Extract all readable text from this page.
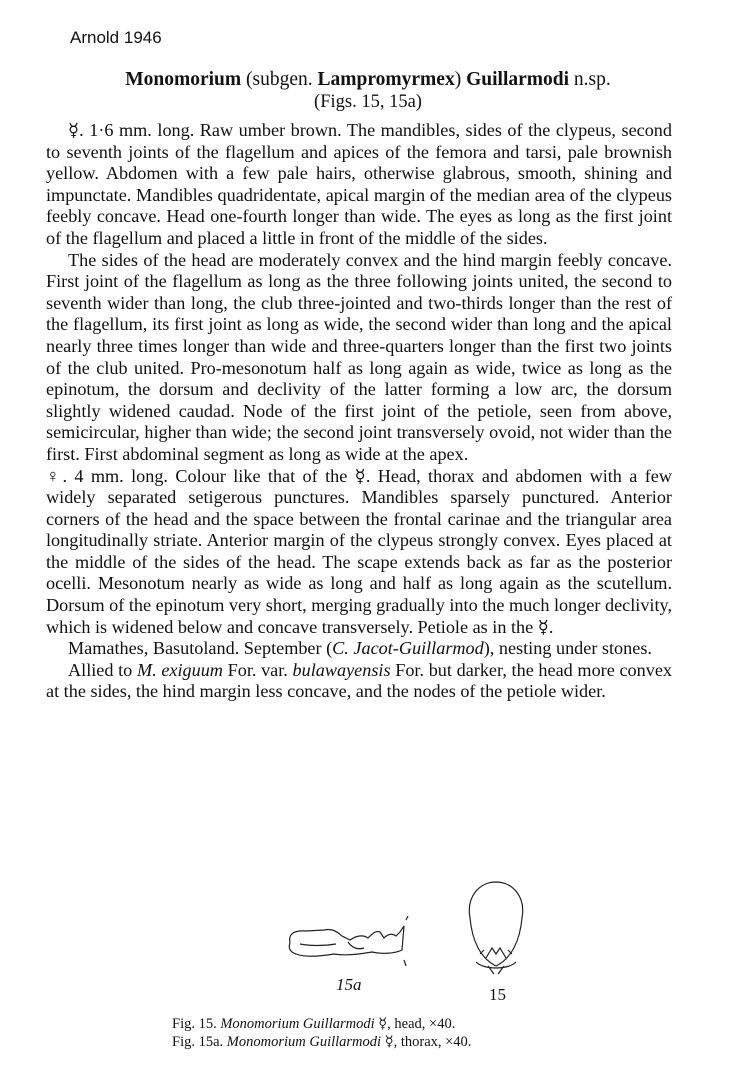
Arnold 1946
Monomorium (subgen. Lampromyrmex) Guillarmodi n.sp.
(Figs. 15, 15a)

☿. 1·6 mm. long. Raw umber brown. The mandibles, sides of the clypeus, second to seventh joints of the flagellum and apices of the femora and tarsi, pale brownish yellow. Abdomen with a few pale hairs, otherwise glabrous, smooth, shining and impunctate. Mandibles quadridentate, apical margin of the median area of the clypeus feebly concave. Head one-fourth longer than wide. The eyes as long as the first joint of the flagellum and placed a little in front of the middle of the sides.

The sides of the head are moderately convex and the hind margin feebly concave. First joint of the flagellum as long as the three following joints united, the second to seventh wider than long, the club three-jointed and two-thirds longer than the rest of the flagellum, its first joint as long as wide, the second wider than long and the apical nearly three times longer than wide and three-quarters longer than the first two joints of the club united. Pro-mesonotum half as long again as wide, twice as long as the epinotum, the dorsum and declivity of the latter forming a low arc, the dorsum slightly widened caudad. Node of the first joint of the petiole, seen from above, semicircular, higher than wide; the second joint transversely ovoid, not wider than the first. First abdominal segment as long as wide at the apex.

♀. 4 mm. long. Colour like that of the ☿. Head, thorax and abdomen with a few widely separated setigerous punctures. Mandibles sparsely punctured. Anterior corners of the head and the space between the frontal carinae and the triangular area longitudinally striate. Anterior margin of the clypeus strongly convex. Eyes placed at the middle of the sides of the head. The scape extends back as far as the posterior ocelli. Mesonotum nearly as wide as long and half as long again as the scutellum. Dorsum of the epinotum very short, merging gradually into the much longer declivity, which is widened below and concave transversely. Petiole as in the ☿.

Mamathes, Basutoland. September (C. Jacot-Guillarmod), nesting under stones.

Allied to M. exiguum For. var. bulawayensis For. but darker, the head more convex at the sides, the hind margin less concave, and the nodes of the petiole wider.

15a
15
Fig. 15. Monomorium Guillarmodi ☿, head, ×40.
Fig. 15a. Monomorium Guillarmodi ☿, thorax, ×40.
